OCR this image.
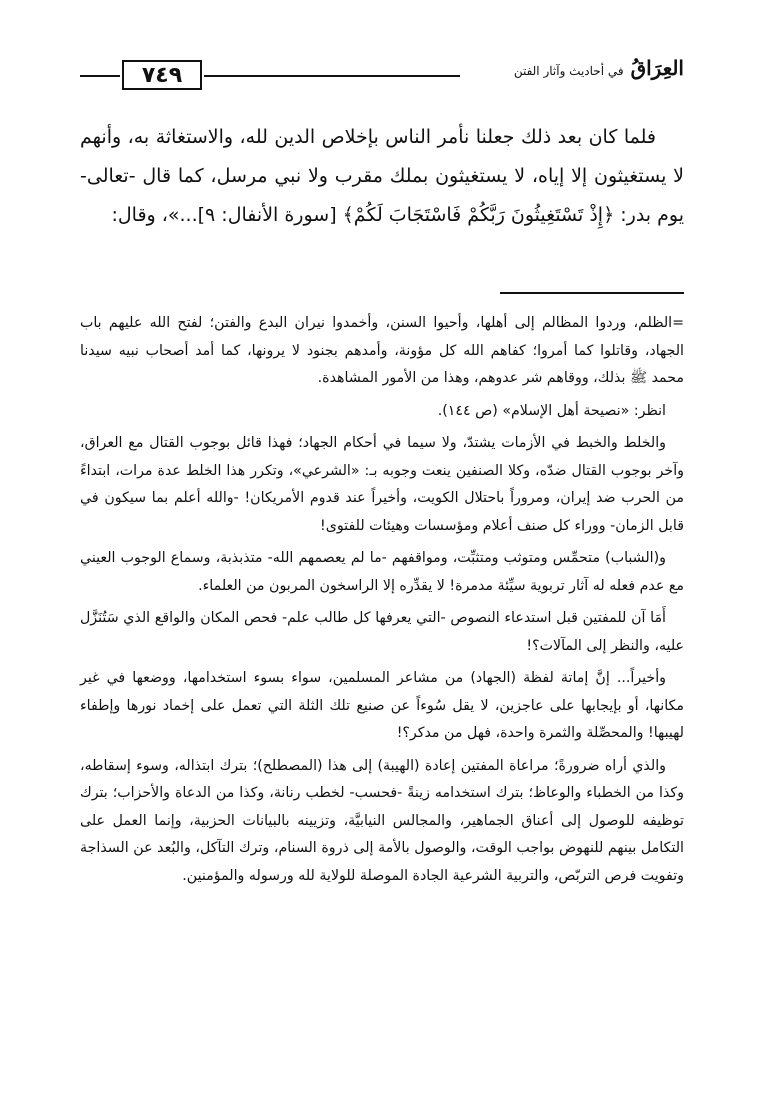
٧٤٩	العِرَاقُ في أحاديث وآثار الفتن

فلما كان بعد ذلك جعلنا نأمر الناس بإخلاص الدين لله، والاستغاثة به، وأنهم لا يستغيثون إلا إياه، لا يستغيثون بملك مقرب ولا نبي مرسل، كما قال -تعالى- يوم بدر: ﴿إِذْ تَسْتَغِيثُونَ رَبَّكُمْ فَاسْتَجَابَ لَكُمْ﴾ [سورة الأنفال: ٩]...»، وقال:

=الظلم، وردوا المظالم إلى أهلها، وأحيوا السنن، وأخمدوا نيران البدع والفتن؛ لفتح الله عليهم باب الجهاد، وقاتلوا كما أمروا؛ كفاهم الله كل مؤونة، وأمدهم بجنود لا يرونها، كما أمد أصحاب نبيه سيدنا محمد ﷺ بذلك، ووقاهم شر عدوهم، وهذا من الأمور المشاهدة.

انظر: «نصيحة أهل الإسلام» (ص ١٤٤).

والخلط والخبط في الأزمات يشتدّ، ولا سيما في أحكام الجهاد؛ فهذا قائل بوجوب القتال مع العراق، وآخر بوجوب القتال ضدّه، وكلا الصنفين ينعت وجوبه بـ: «الشرعي»، وتكرر هذا الخلط عدة مرات، ابتداءً من الحرب ضد إيران، ومروراً باحتلال الكويت، وأخيراً عند قدوم الأمريكان! -والله أعلم بما سيكون في قابل الزمان- ووراء كل صنف أعلام ومؤسسات وهيئات للفتوى!

و(الشباب) متحمِّس ومتوثب ومتثبِّت، ومواقفهم -ما لم يعصمهم الله- متذبذبة، وسماع الوجوب العيني مع عدم فعله له آثار تربوية سيِّئة مدمرة! لا يقدِّره إلا الراسخون المربون من العلماء.

أَمَا آن للمفتين قبل استدعاء النصوص -التي يعرفها كل طالب علم- فحص المكان والواقع الذي سَتُنَزَّل عليه، والنظر إلى المآلات؟!

وأخيراً... إنَّ إماتة لفظة (الجهاد) من مشاعر المسلمين، سواء بسوء استخدامها، ووضعها في غير مكانها، أو بإيجابها على عاجزين، لا يقل سُوءاً عن صنيع تلك الثلة التي تعمل على إخماد نورها وإطفاء لهيبها! والمحصِّلة والثمرة واحدة، فهل من مدكر؟!

والذي أراه ضرورةً؛ مراعاة المفتين إعادة (الهيبة) إلى هذا (المصطلح)؛ بترك ابتذاله، وسوء إسقاطه، وكذا من الخطباء والوعاظ؛ بترك استخدامه زينةً -فحسب- لخطب رنانة، وكذا من الدعاة والأحزاب؛ بترك توظيفه للوصول إلى أعناق الجماهير، والمجالس النيابيَّة، وتزيينه بالبيانات الحزبية، وإنما العمل على التكامل بينهم للنهوض بواجب الوقت، والوصول بالأمة إلى ذروة السنام، وترك التآكل، والبُعد عن السذاجة وتفويت فرص التربّص، والتربية الشرعية الجادة الموصلة للولاية لله ورسوله والمؤمنين.
